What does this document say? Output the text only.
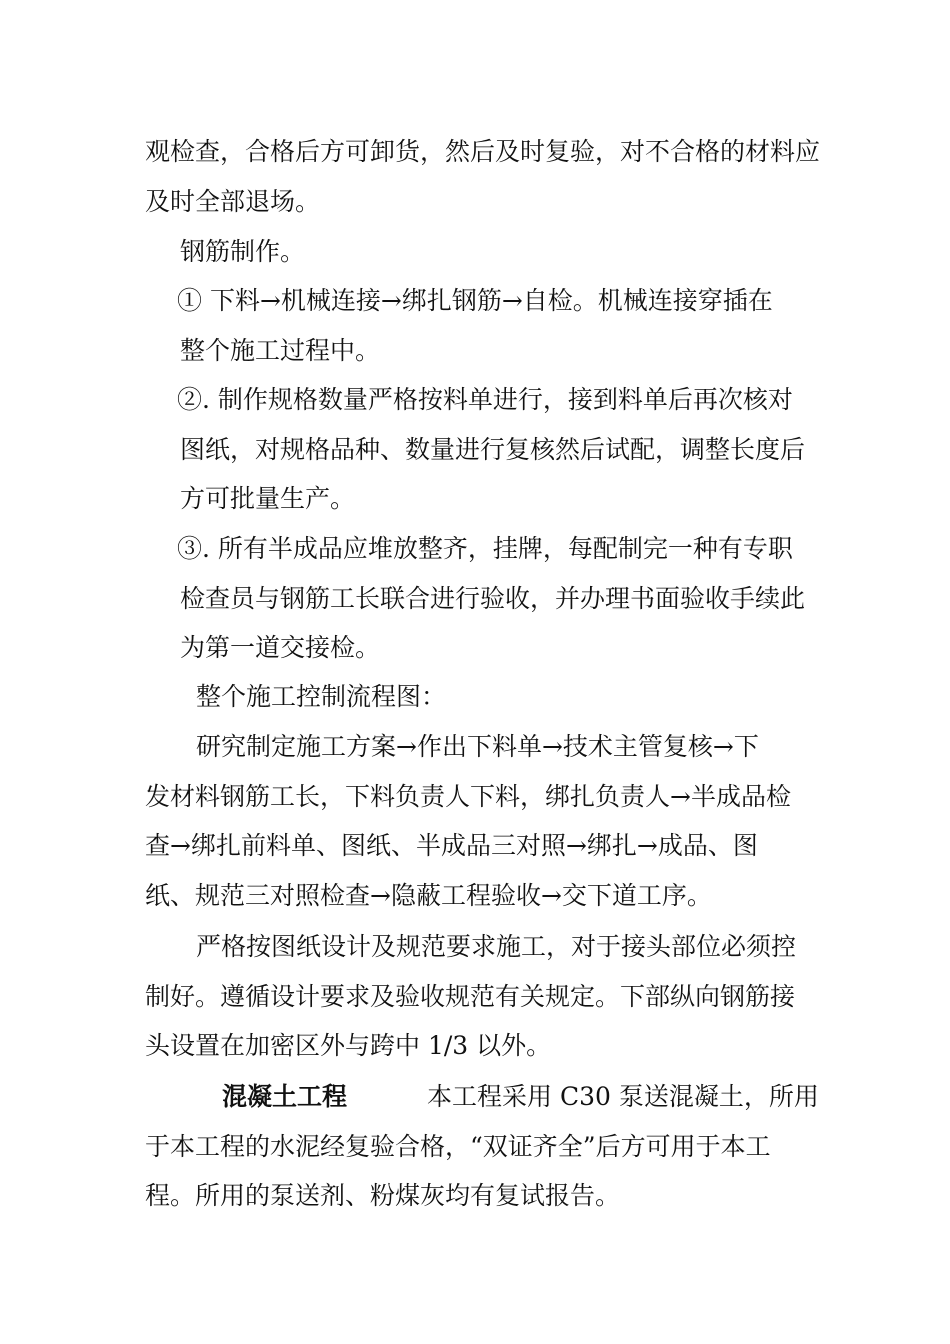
观检查，合格后方可卸货，然后及时复验，对不合格的材料应
及时全部退场。
钢筋制作。
① 下料→机械连接→绑扎钢筋→自检。机械连接穿插在
整个施工过程中。
②. 制作规格数量严格按料单进行，接到料单后再次核对
图纸，对规格品种、数量进行复核然后试配，调整长度后
方可批量生产。
③. 所有半成品应堆放整齐，挂牌，每配制完一种有专职
检查员与钢筋工长联合进行验收，并办理书面验收手续此
为第一道交接检。
整个施工控制流程图：
研究制定施工方案→作出下料单→技术主管复核→下
发材料钢筋工长，下料负责人下料，绑扎负责人→半成品检
查→绑扎前料单、图纸、半成品三对照→绑扎→成品、图
纸、规范三对照检查→隐蔽工程验收→交下道工序。
严格按图纸设计及规范要求施工，对于接头部位必须控
制好。遵循设计要求及验收规范有关规定。下部纵向钢筋接
头设置在加密区外与跨中 1/3 以外。
混凝土工程	本工程采用 C30 泵送混凝土，所用
于本工程的水泥经复验合格，“双证齐全”后方可用于本工
程。所用的泵送剂、粉煤灰均有复试报告。
